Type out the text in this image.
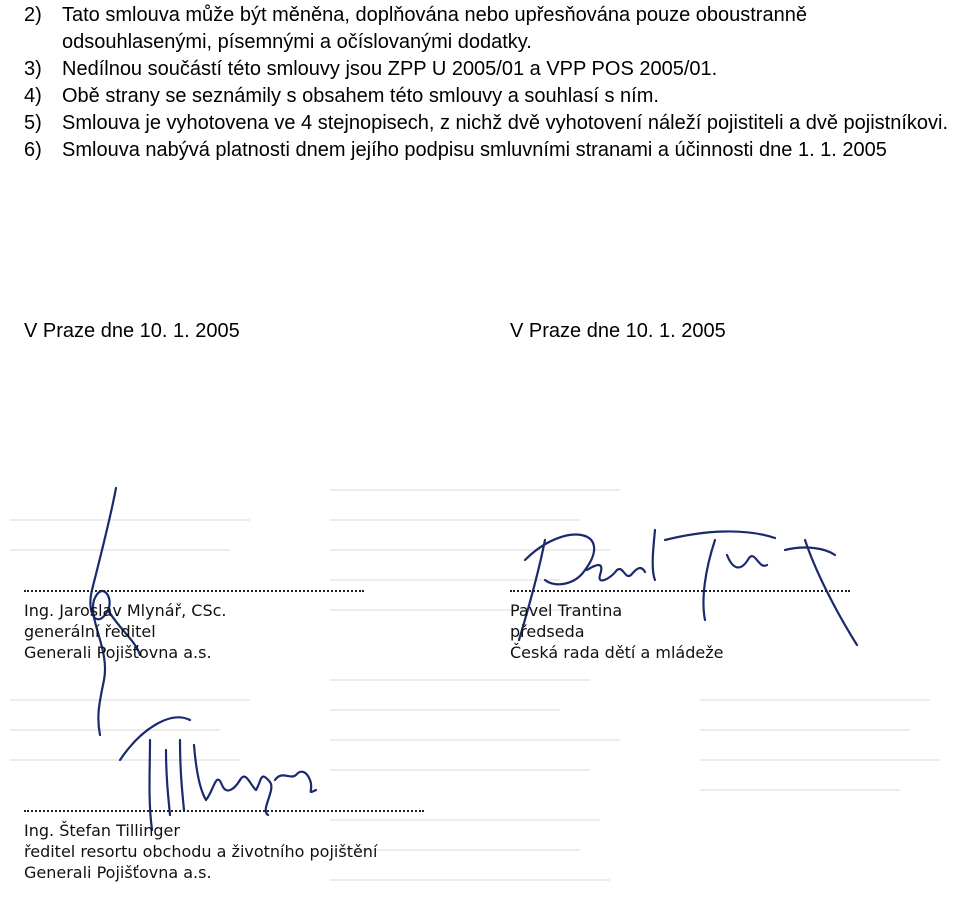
2) Tato smlouva může být měněna, doplňována nebo upřesňována pouze oboustranně odsouhlasenými, písemnými a očíslovanými dodatky.
3) Nedílnou součástí této smlouvy jsou ZPP U 2005/01 a VPP POS 2005/01.
4) Obě strany se seznámily s obsahem této smlouvy a souhlasí s ním.
5) Smlouva je vyhotovena ve 4 stejnopisech, z nichž dvě vyhotovení náleží pojistiteli a dvě pojistníkovi.
6) Smlouva nabývá platnosti dnem jejího podpisu smluvními stranami a účinnosti dne 1. 1. 2005
V Praze dne 10. 1. 2005	V Praze dne 10. 1. 2005
Ing. Jaroslav Mlynář, CSc.
generální ředitel
Generali Pojišťovna a.s.
Pavel Trantina
předseda
Česká rada dětí a mládeže
Ing. Štefan Tillinger
ředitel resortu obchodu a životního pojištění
Generali Pojišťovna a.s.
